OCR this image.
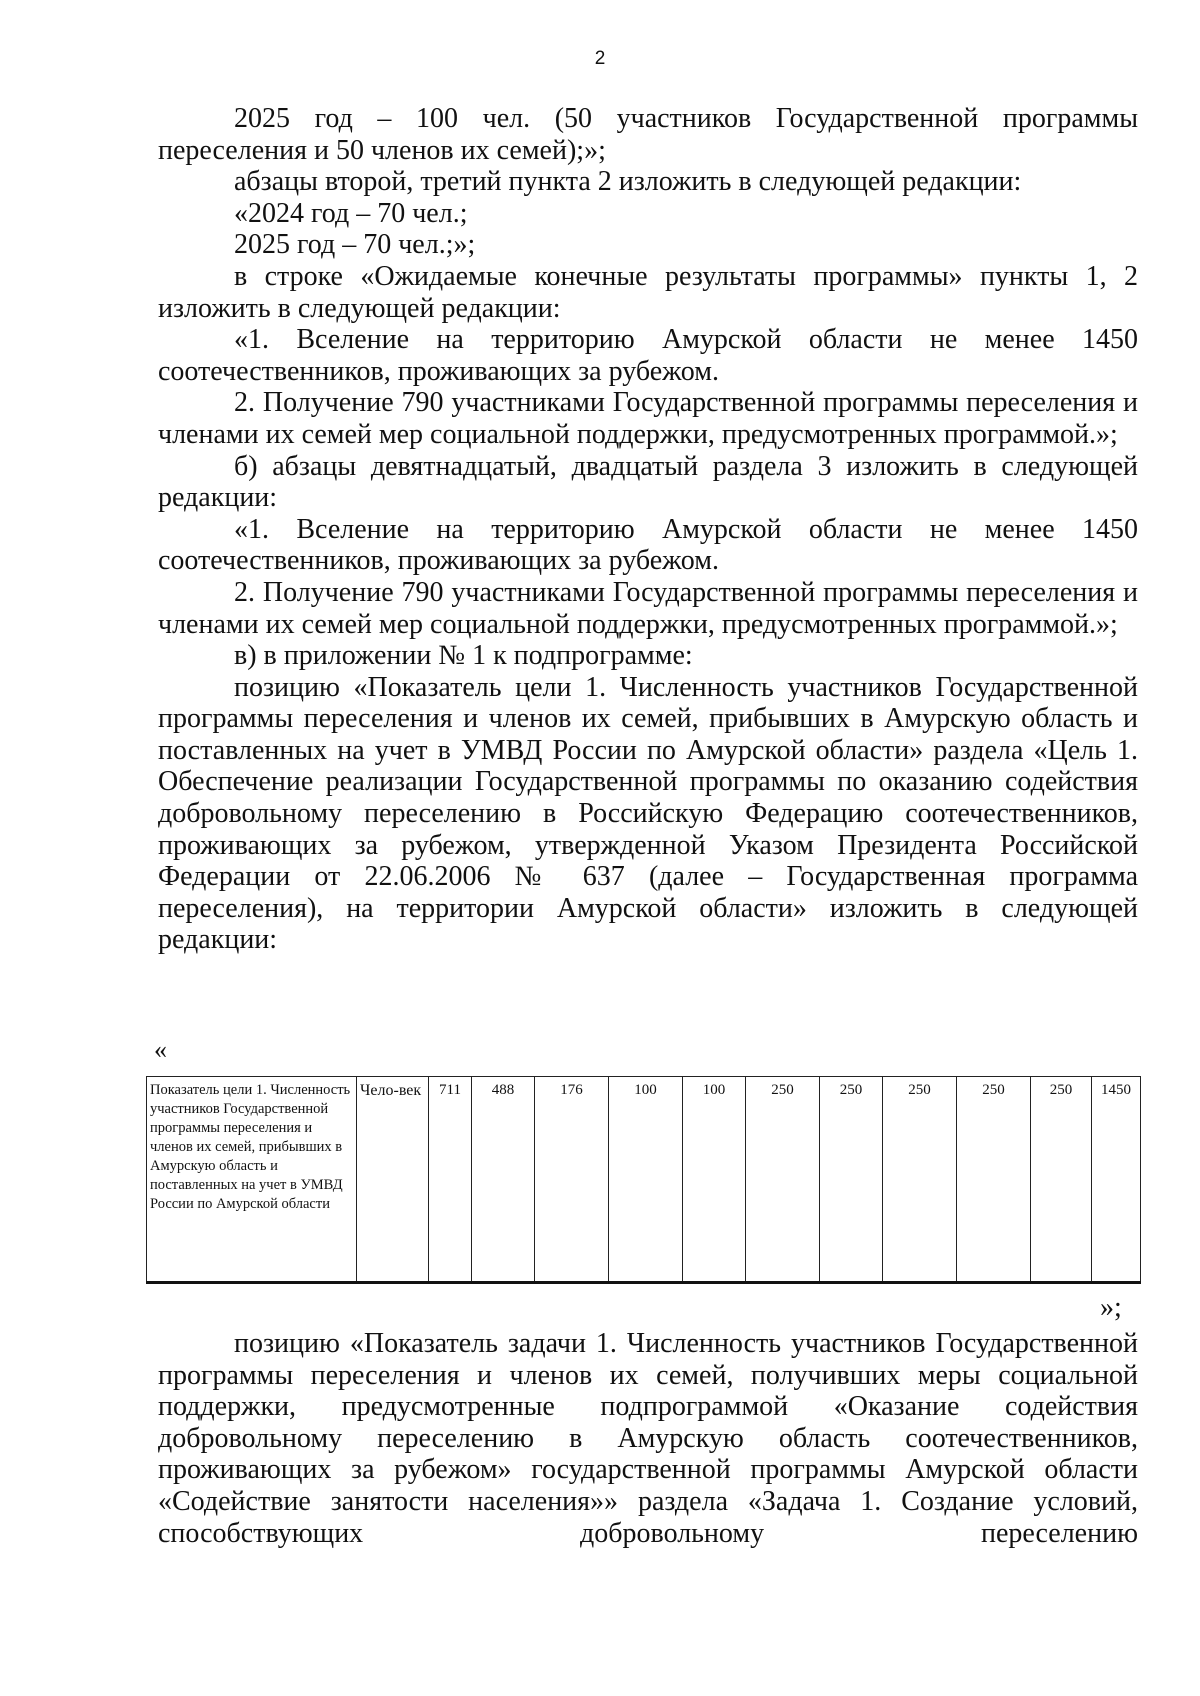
2

2025 год – 100 чел. (50 участников Государственной программы переселения и 50 членов их семей);»;

абзацы второй, третий пункта 2 изложить в следующей редакции:

«2024 год – 70 чел.;

2025 год – 70 чел.;»;

в строке «Ожидаемые конечные результаты программы» пункты 1, 2 изложить в следующей редакции:

«1. Вселение на территорию Амурской области не менее 1450 соотечественников, проживающих за рубежом.

2. Получение 790 участниками Государственной программы переселения и членами их семей мер социальной поддержки, предусмотренных программой.»;

б) абзацы девятнадцатый, двадцатый раздела 3 изложить в следующей редакции:

«1. Вселение на территорию Амурской области не менее 1450 соотечественников, проживающих за рубежом.

2. Получение 790 участниками Государственной программы переселения и членами их семей мер социальной поддержки, предусмотренных программой.»;

в) в приложении № 1 к подпрограмме:

позицию «Показатель цели 1. Численность участников Государственной программы переселения и членов их семей, прибывших в Амурскую область и поставленных на учет в УМВД России по Амурской области» раздела «Цель 1. Обеспечение реализации Государственной программы по оказанию содействия добровольному переселению в Российскую Федерацию соотечественников, проживающих за рубежом, утвержденной Указом Президента Российской Федерации от 22.06.2006 № 637 (далее – Государственная программа переселения), на территории Амурской области» изложить в следующей редакции:

«
Показатель цели 1. Численность участников Государственной программы переселения и членов их семей, прибывших в Амурскую область и поставленных на учет в УМВД России по Амурской области	Чело-век	711	488	176	100	100	250	250	250	250	250	1450
»;

позицию «Показатель задачи 1. Численность участников Государственной программы переселения и членов их семей, получивших меры социальной поддержки, предусмотренные подпрограммой «Оказание содействия добровольному переселению в Амурскую область соотечественников, проживающих за рубежом» государственной программы Амурской области «Содействие занятости населения»» раздела «Задача 1. Создание условий, способствующих добровольному переселению
